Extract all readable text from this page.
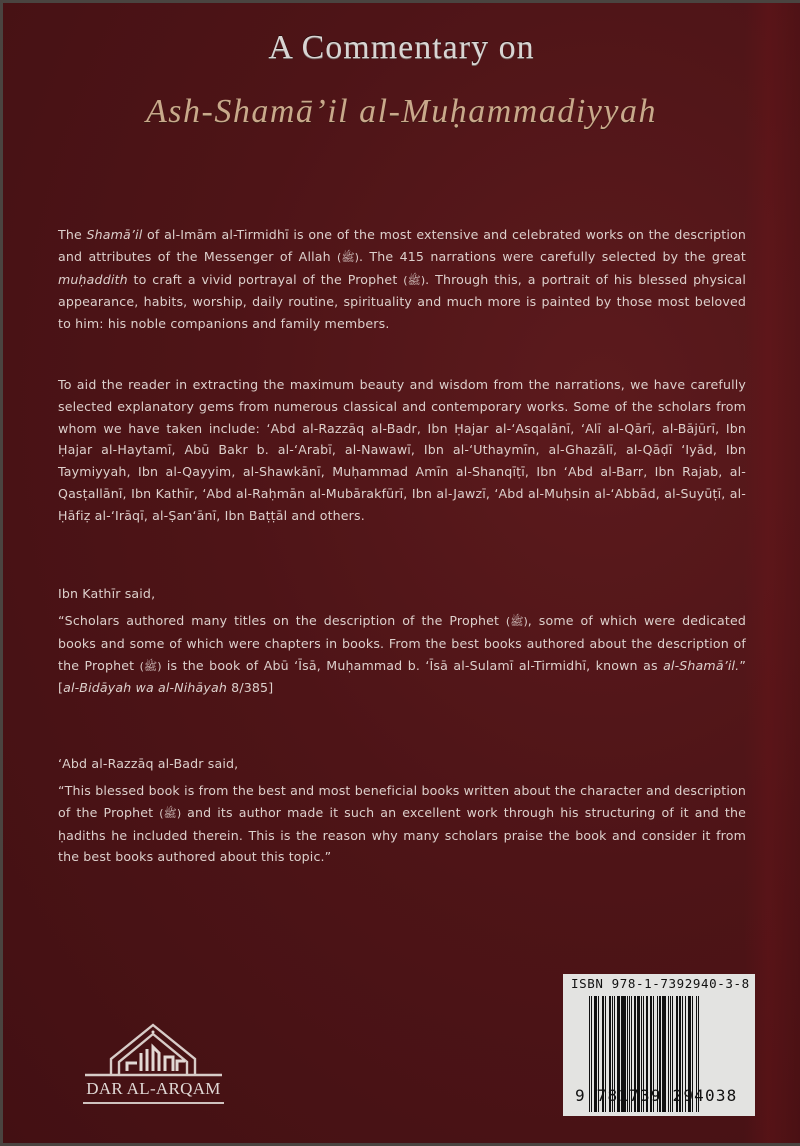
A Commentary on
Ash-Shamā’il al-Muḥammadiyyah

The Shamā’il of al-Imām al-Tirmidhī is one of the most extensive and celebrated works on the description and attributes of the Messenger of Allah (ﷺ). The 415 narrations were carefully selected by the great muḥaddith to craft a vivid portrayal of the Prophet (ﷺ). Through this, a portrait of his blessed physical appearance, habits, worship, daily routine, spirituality and much more is painted by those most beloved to him: his noble companions and family members.

To aid the reader in extracting the maximum beauty and wisdom from the narrations, we have carefully selected explanatory gems from numerous classical and contemporary works. Some of the scholars from whom we have taken include: ‘Abd al-Razzāq al-Badr, Ibn Ḥajar al-‘Asqalānī, ‘Alī al-Qārī, al-Bājūrī, Ibn Ḥajar al-Haytamī, Abū Bakr b. al-‘Arabī, al-Nawawī, Ibn al-‘Uthaymīn, al-Ghazālī, al-Qāḍī ‘Iyād, Ibn Taymiyyah, Ibn al-Qayyim, al-Shawkānī, Muḥammad Amīn al-Shanqīṭī, Ibn ‘Abd al-Barr, Ibn Rajab, al-Qasṭallānī, Ibn Kathīr, ‘Abd al-Raḥmān al-Mubārakfūrī, Ibn al-Jawzī, ‘Abd al-Muḥsin al-‘Abbād, al-Suyūṭī, al-Ḥāfiẓ al-‘Irāqī, al-Ṣan‘ānī, Ibn Baṭṭāl and others.

Ibn Kathīr said,

“Scholars authored many titles on the description of the Prophet (ﷺ), some of which were dedicated books and some of which were chapters in books. From the best books authored about the description of the Prophet (ﷺ) is the book of Abū ‘Īsā, Muḥammad b. ‘Īsā al-Sulamī al-Tirmidhī, known as al-Shamā’il.” [al-Bidāyah wa al-Nihāyah 8/385]

‘Abd al-Razzāq al-Badr said,

“This blessed book is from the best and most beneficial books written about the character and description of the Prophet (ﷺ) and its author made it such an excellent work through his structuring of it and the ḥadiths he included therein. This is the reason why many scholars praise the book and consider it from the best books authored about this topic.”

DAR AL-ARQAM
ISBN 978-1-7392940-3-8
9 781739 294038
